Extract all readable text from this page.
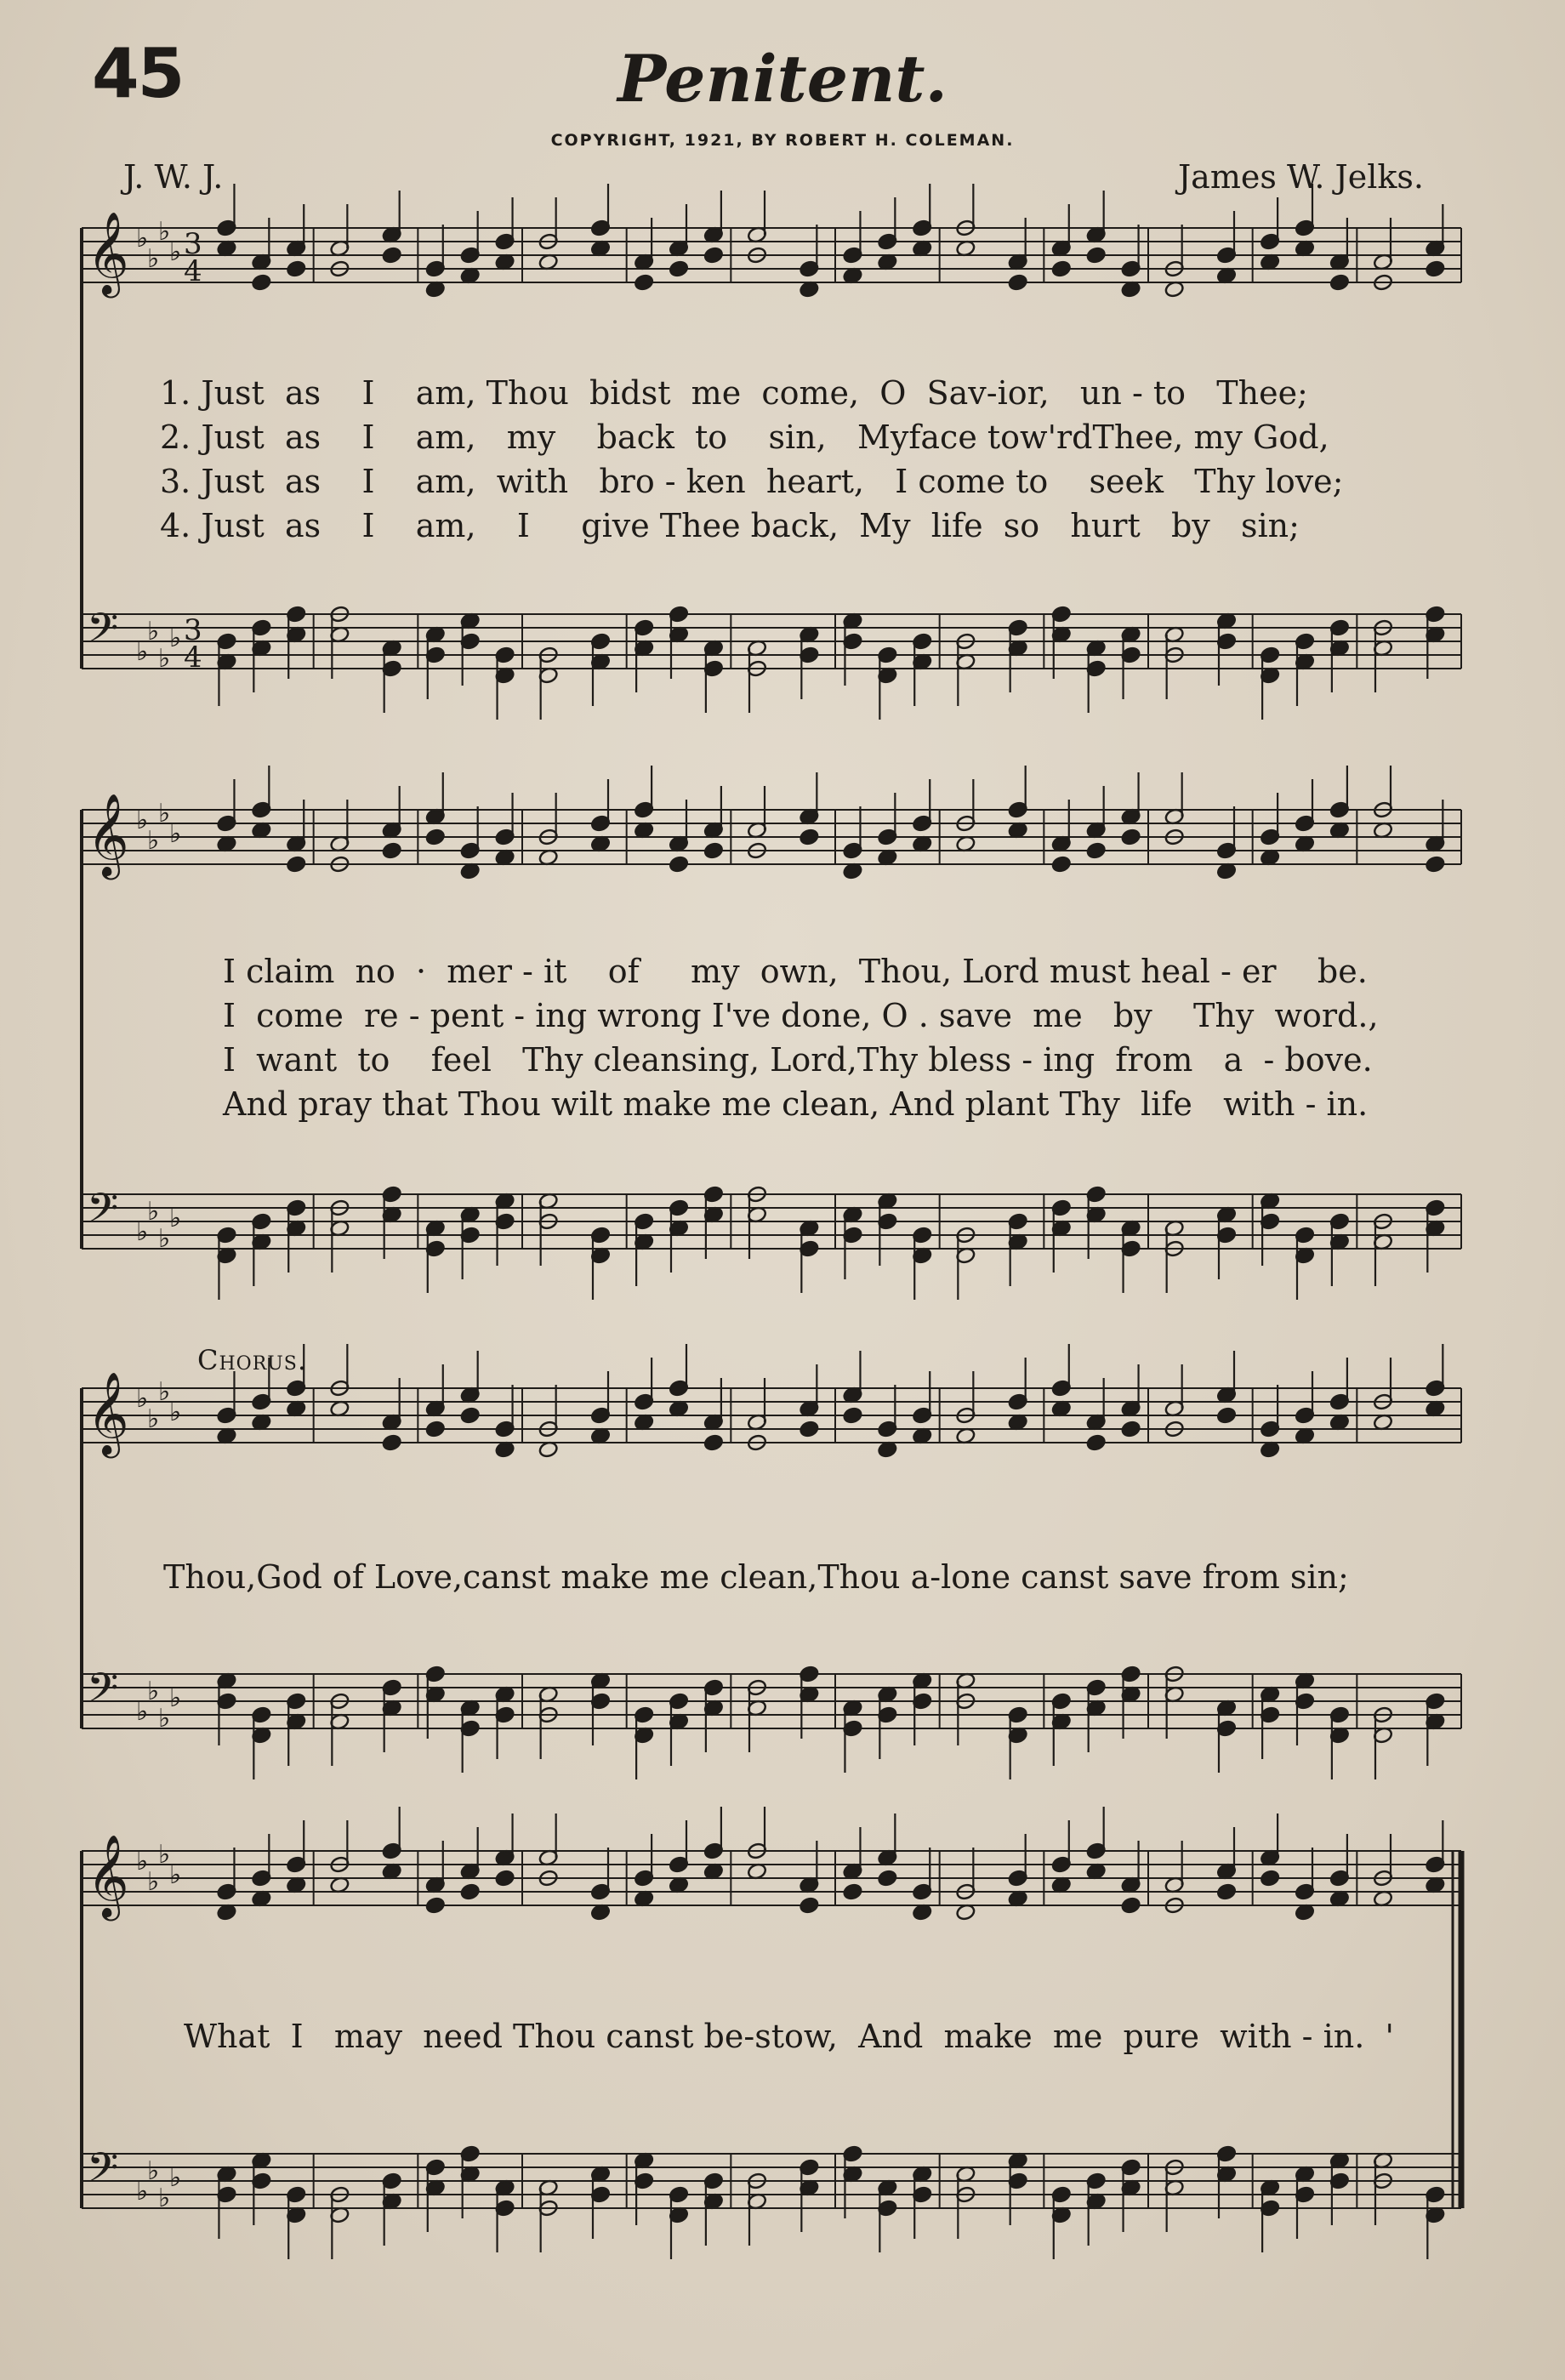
45	Penitent.
COPYRIGHT, 1921, BY ROBERT H. COLEMAN.
J. W. J.	James W. Jelks.
𝄞 ♭
♭
♭
♭ 3
4
𝄢 ♭
♭
♭
♭ 3
4
𝄞 ♭
♭
♭
♭
𝄢 ♭
♭
♭
♭
𝄞 ♭
♭
♭
♭
𝄢 ♭
♭
♭
♭
𝄞 ♭
♭
♭
♭
𝄢 ♭
♭
♭
♭
1. Just  as    I    am, Thou  bidst  me  come,  O  Sav-ior,   un - to   Thee;
2. Just  as    I    am,   my    back  to    sin,   Myface tow'rdThee, my God,
3. Just  as    I    am,  with   bro - ken  heart,   I come to    seek   Thy love;
4. Just  as    I    am,    I     give Thee back,  My  life  so   hurt   by   sin;
I claim  no  ·  mer - it    of     my  own,  Thou, Lord must heal - er    be.
I  come  re - pent - ing wrong I've done, O . save  me   by    Thy  word.,
I  want  to    feel   Thy cleansing, Lord,Thy bless - ing  from   a  - bove.
And pray that Thou wilt make me clean, And plant Thy  life   with - in.
Chorus.
Thou,God of Love,canst make me clean,Thou a-lone canst save from sin;
What  I   may  need Thou canst be-stow,  And  make  me  pure  with - in.  '
